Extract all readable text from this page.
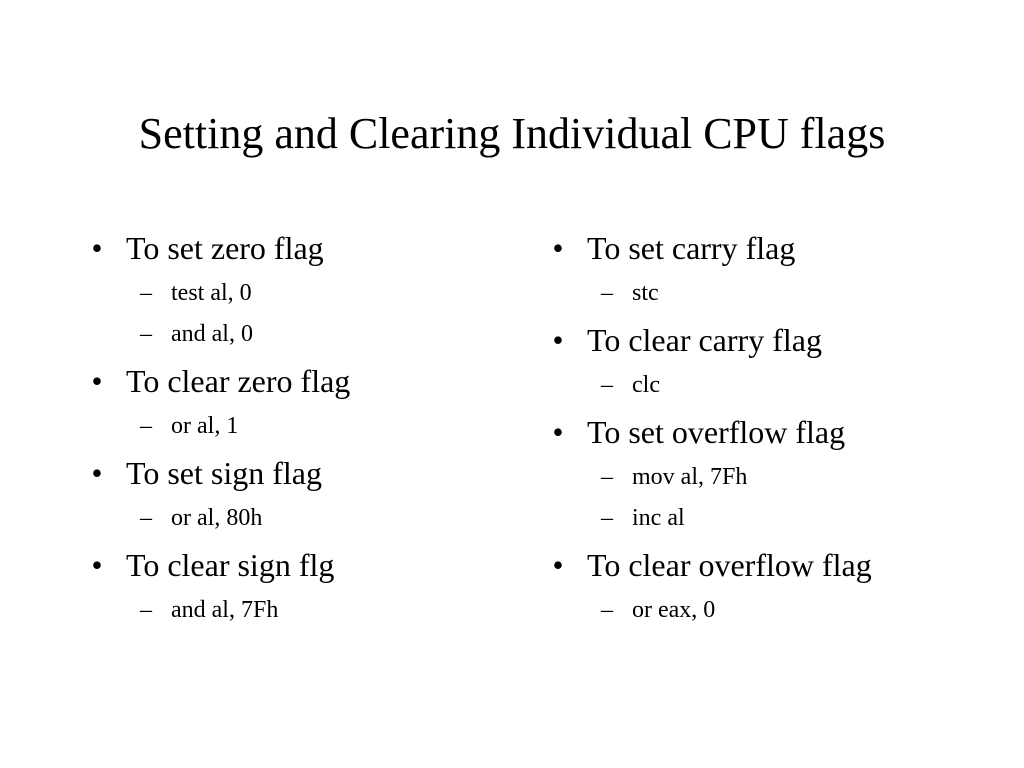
Setting and Clearing Individual CPU flags
• To set zero flag
– test al, 0
– and al, 0
• To clear zero flag
– or al, 1
• To set sign flag
– or al, 80h
• To clear sign flg
– and al, 7Fh
• To set carry flag
– stc
• To clear carry flag
– clc
• To set overflow flag
– mov al, 7Fh
– inc al
• To clear overflow flag
– or eax, 0
